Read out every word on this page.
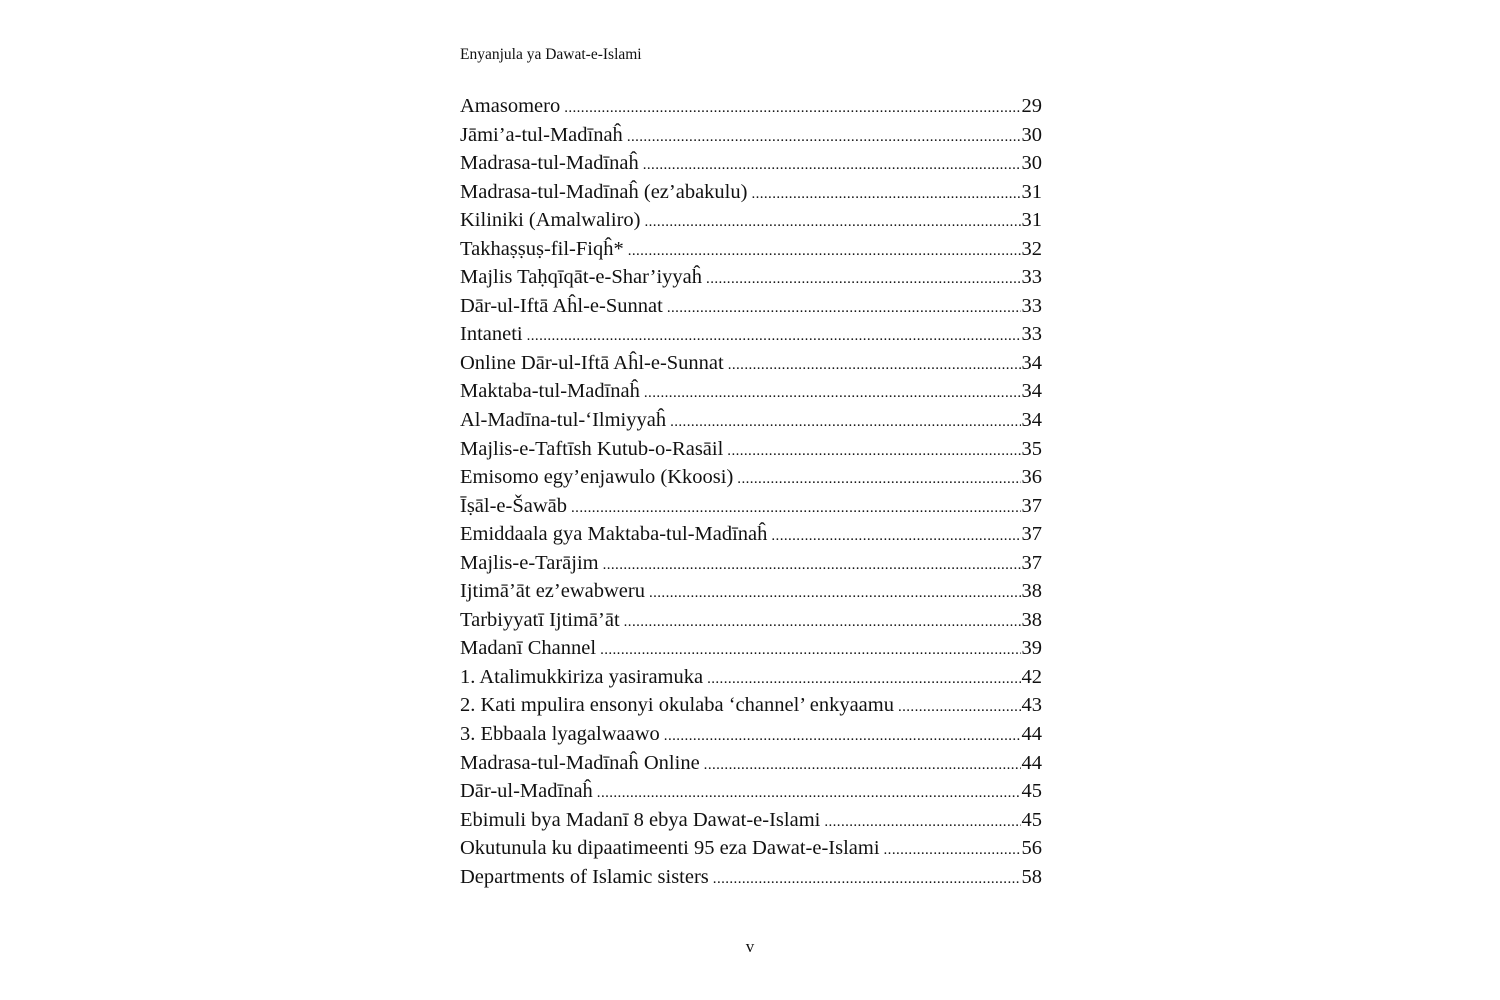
Enyanjula ya Dawat-e-Islami
Amasomero .....	29
Jāmi’a-tul-Madīnaĥ .....	30
Madrasa-tul-Madīnaĥ .....	30
Madrasa-tul-Madīnaĥ (ez’abakulu) .....	31
Kiliniki (Amalwaliro) .....	31
Takhaṣṣuṣ-fil-Fiqĥ* .....	32
Majlis Taḥqīqāt-e-Shar’iyyaĥ .....	33
Dār-ul-Iftā Aĥl-e-Sunnat .....	33
Intaneti .....	33
Online Dār-ul-Iftā Aĥl-e-Sunnat .....	34
Maktaba-tul-Madīnaĥ .....	34
Al-Madīna-tul-‘Ilmiyyaĥ .....	34
Majlis-e-Taftīsh Kutub-o-Rasāil .....	35
Emisomo egy’enjawulo (Kkoosi) .....	36
Īṣāl-e-Šawāb .....	37
Emiddaala gya Maktaba-tul-Madīnaĥ .....	37
Majlis-e-Tarājim .....	37
Ijtimā’āt ez’ewabweru .....	38
Tarbiyyatī Ijtimā’āt .....	38
Madanī Channel .....	39
1. Atalimukkiriza yasiramuka .....	42
2. Kati mpulira ensonyi okulaba ‘channel’ enkyaamu .....	43
3. Ebbaala lyagalwaawo .....	44
Madrasa-tul-Madīnaĥ Online .....	44
Dār-ul-Madīnaĥ .....	45
Ebimuli bya Madanī 8 ebya Dawat-e-Islami .....	45
Okutunula ku dipaatimeenti 95 eza Dawat-e-Islami .....	56
Departments of Islamic sisters .....	58
v
